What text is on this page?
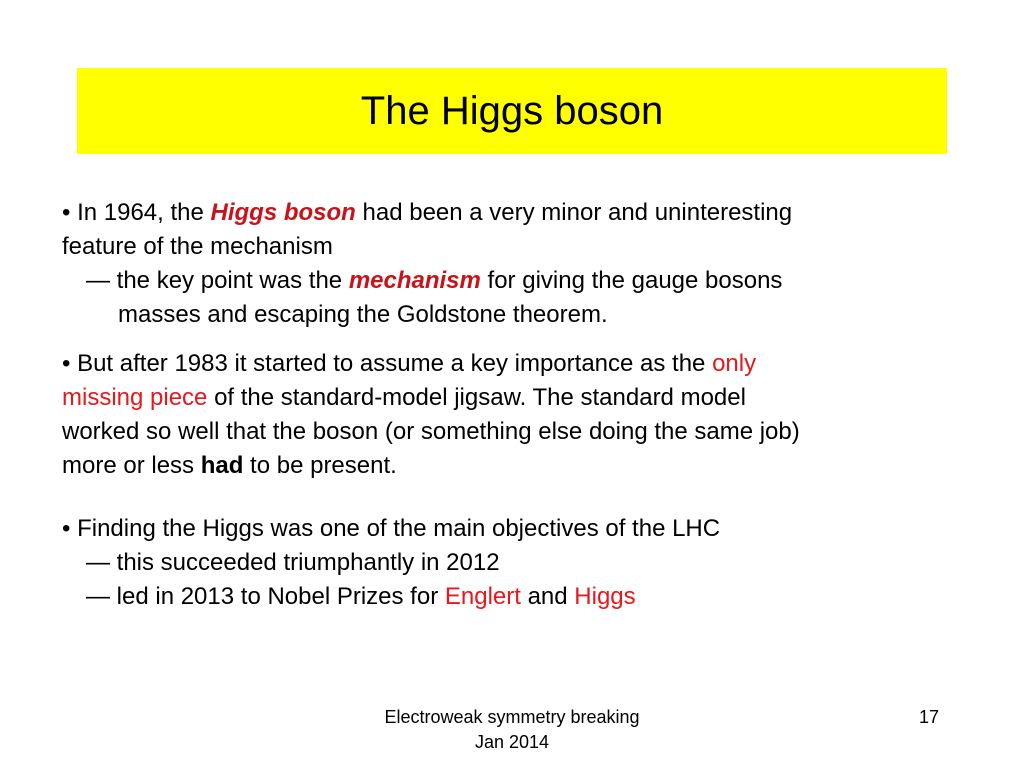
The Higgs boson
• In 1964, the Higgs boson had been a very minor and uninteresting
feature of the mechanism
— the key point was the mechanism for giving the gauge bosons
masses and escaping the Goldstone theorem.
• But after 1983 it started to assume a key importance as the only
missing piece of the standard-model jigsaw. The standard model
worked so well that the boson (or something else doing the same job)
more or less had to be present.
• Finding the Higgs was one of the main objectives of the LHC
— this succeeded triumphantly in 2012
— led in 2013 to Nobel Prizes for Englert and Higgs
Electroweak symmetry breaking
Jan 2014
17
